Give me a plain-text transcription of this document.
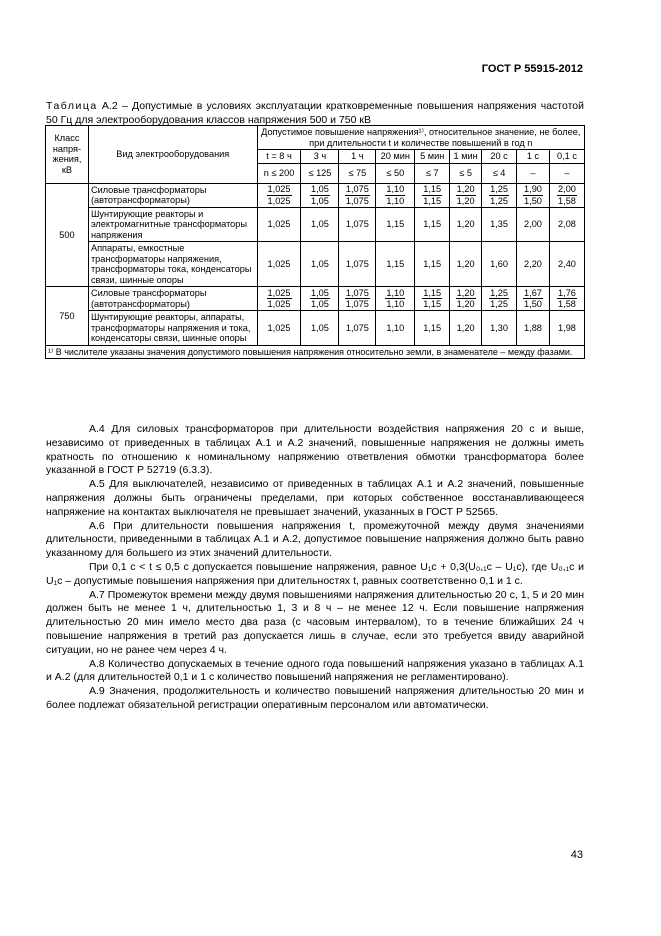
ГОСТ Р 55915-2012
Таблица А.2 – Допустимые в условиях эксплуатации кратковременные повышения напряжения частотой 50 Гц для электрооборудования классов напряжения 500 и 750 кВ
Класс напря-жения, кВ	Вид электрооборудования	Допустимое повышение напряжения¹⁾, относительное значение, не более, при длительности t и количестве повышений в год n								
		t = 8 ч	3 ч	1 ч	20 мин	5 мин	1 мин	20 с	1 с	0,1 с
		n ≤ 200	≤ 125	≤ 75	≤ 50	≤ 7	≤ 5	≤ 4	–	–
500	Силовые трансформаторы (автотрансформаторы)	$\frac{1,025}{1,025}$	$\frac{1,05}{1,05}$	$\frac{1,075}{1,075}$	$\frac{1,10}{1,10}$	$\frac{1,15}{1,15}$	$\frac{1,20}{1,20}$	$\frac{1,25}{1,25}$	$\frac{1,90}{1,50}$	$\frac{2,00}{1,58}$

	Шунтирующие реакторы и электромагнитные трансформаторы напряжения	1,025	1,05	1,075	1,15	1,15	1,20	1,35	2,00	2,08
	Аппараты, емкостные трансформаторы напряжения, трансформаторы тока, конденсаторы связи, шинные опоры	1,025	1,05	1,075	1,15	1,15	1,20	1,60	2,20	2,40
750	Силовые трансформаторы (автотрансформаторы)	$\frac{1,025}{1,025}$	$\frac{1,05}{1,05}$	$\frac{1,075}{1,075}$	$\frac{1,10}{1,10}$	$\frac{1,15}{1,15}$	$\frac{1,20}{1,20}$	$\frac{1,25}{1,25}$	$\frac{1,67}{1,50}$	$\frac{1,76}{1,58}$

	Шунтирующие реакторы, аппараты, трансформаторы напряжения и тока, конденсаторы связи, шинные опоры	1,025	1,05	1,075	1,10	1,15	1,20	1,30	1,88	1,98
¹⁾ В числителе указаны значения допустимого повышения напряжения относительно земли, в знаменателе – между фазами.										

А.4 Для силовых трансформаторов при длительности воздействия напряжения 20 с и выше, независимо от приведенных в таблицах А.1 и А.2 значений, повышенные напряжения не должны иметь кратность по отношению к номинальному напряжению ответвления обмотки трансформатора более указанной в ГОСТ Р 52719 (6.3.3).

А.5 Для выключателей, независимо от приведенных в таблицах А.1 и А.2 значений, повышенные напряжения должны быть ограничены пределами, при которых собственное восстанавливающееся напряжение на контактах выключателя не превышает значений, указанных в ГОСТ Р 52565.

А.6 При длительности повышения напряжения t, промежуточной между двумя значениями длительности, приведенными в таблицах А.1 и А.2, допустимое повышение напряжения должно быть равно указанному для большего из этих значений длительности.

При 0,1 с < t ≤ 0,5 с допускается повышение напряжения, равное U₁c + 0,3(U₀,₁c – U₁c), где U₀,₁c и U₁c – допустимые повышения напряжения при длительностях t, равных соответственно 0,1 и 1 с.

А.7 Промежуток времени между двумя повышениями напряжения длительностью 20 с, 1, 5 и 20 мин должен быть не менее 1 ч, длительностью 1, 3 и 8 ч – не менее 12 ч. Если повышение напряжения длительностью 20 мин имело место два раза (с часовым интервалом), то в течение ближайших 24 ч повышение напряжения в третий раз допускается лишь в случае, если это требуется ввиду аварийной ситуации, но не ранее чем через 4 ч.

А.8 Количество допускаемых в течение одного года повышений напряжения указано в таблицах А.1 и А.2 (для длительностей 0,1 и 1 с количество повышений напряжения не регламентировано).

А.9 Значения, продолжительность и количество повышений напряжения длительностью 20 мин и более подлежат обязательной регистрации оперативным персоналом или автоматически.

43
